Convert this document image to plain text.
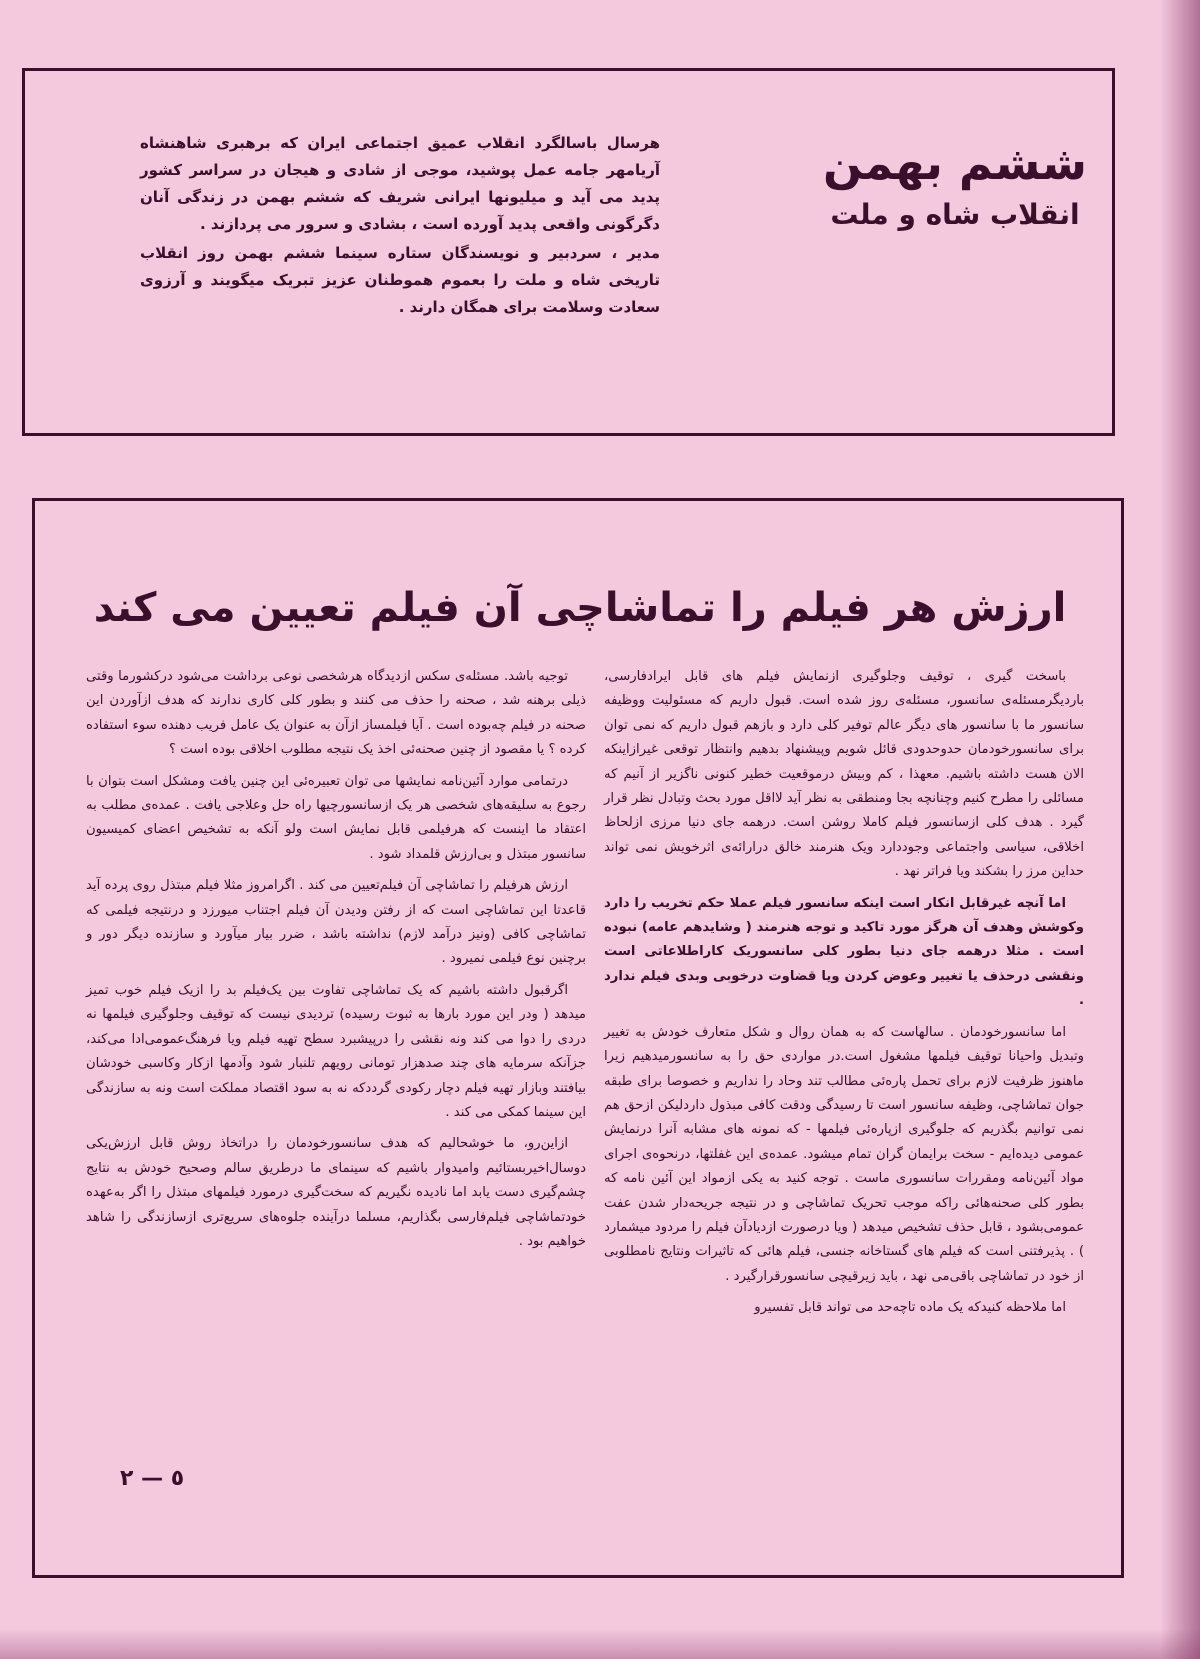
ششم بهمن
انقلاب شاه و ملت

هرسال باسالگرد انقلاب عمیق اجتماعی ایران که برهبری شاهنشاه آریامهر جامه عمل پوشید، موجی از شادی و هیجان در سراسر کشور پدید می آید و میلیونها ایرانی شریف که ششم بهمن در زندگی آنان دگرگونی واقعی پدید آورده است ، بشادی و سرور می پردازند .

مدیر ، سردبیر و نویسندگان ستاره سینما ششم بهمن روز انقلاب تاریخی شاه و ملت را بعموم هموطنان عزیز تبریک میگویند و آرزوی سعادت وسلامت برای همگان دارند .

ارزش هر فیلم را تماشاچی آن فیلم تعیین می کند

باسخت گیری ، توقیف وجلوگیری ازنمایش فیلم های قابل ایرادفارسی، باردیگرمسئله‌ی سانسور، مسئله‌ی روز شده است. قبول داریم که مسئولیت ووظیفه سانسور ما با سانسور های دیگر عالم توفیر کلی دارد و بازهم قبول داریم که نمی توان برای سانسورخودمان حدوحدودی قائل شویم وپیشنهاد بدهیم وانتظار توقعی غیرازاینکه الان هست داشته باشیم. معهذا ، کم وبیش درموقعیت خطیر کنونی ناگزیر از آنیم که مسائلی را مطرح کنیم وچنانچه بجا ومنطقی به نظر آید لااقل مورد بحث وتبادل نظر قرار گیرد . هدف کلی ازسانسور فیلم کاملا روشن است. درهمه جای دنیا مرزی ازلحاظ اخلاقی، سیاسی واجتماعی وجوددارد ویک هنرمند خالق درارائه‌ی اثرخویش نمی تواند حداین مرز را بشکند ویا فراتر نهد .

اما آنچه غیرقابل انکار است اینکه سانسور فیلم عملا حکم تخریب را دارد وکوشش وهدف آن هرگز مورد تاکید و توجه هنرمند ( وشایدهم عامه) نبوده است . مثلا درهمه جای دنیا بطور کلی سانسوریک کاراطلاعاتی است ونقشی درحذف یا تغییر وعوض کردن ویا قضاوت درخوبی وبدی فیلم ندارد .

اما سانسورخودمان . سالهاست که به همان روال و شکل متعارف خودش به تغییر وتبدیل واحیانا توقیف فیلمها مشغول است.در مواردی حق را به سانسورمیدهیم زیرا ماهنوز ظرفیت لازم برای تحمل پاره‌ئی مطالب تند وحاد را نداریم و خصوصا برای طبقه جوان تماشاچی، وظیفه سانسور است تا رسیدگی ودقت کافی مبذول داردلیکن ازحق هم نمی توانیم بگذریم که جلوگیری ازپاره‌ئی فیلمها - که نمونه های مشابه آنرا درنمایش عمومی دیده‌ایم - سخت برایمان گران تمام میشود. عمده‌ی این غفلتها، درنحوه‌ی اجرای مواد آئین‌نامه ومقررات سانسوری ماست . توجه کنید به یکی ازمواد این آئین نامه که بطور کلی صحنه‌هائی راکه موجب تحریک تماشاچی و در نتیجه جریحه‌دار شدن عفت عمومی‌بشود ، قابل حذف تشخیص میدهد ( ویا درصورت ازدیادآن فیلم را مردود میشمارد ) . پذیرفتنی است که فیلم های گستاخانه جنسی، فیلم هائی که تاثیرات ونتایج نامطلوبی از خود در تماشاچی باقی‌می نهد ، باید زیرقیچی سانسورقرارگیرد .

اما ملاحظه کنیدکه یک ماده تاچه‌حد می تواند قابل تفسیرو

توجیه باشد. مسئله‌ی سکس ازدیدگاه هرشخصی نوعی برداشت می‌شود درکشورما وقتی ذیلی برهنه شد ، صحنه را حذف می کنند و بطور کلی کاری ندارند که هدف ازآوردن این صحنه در فیلم چه‌بوده است . آیا فیلمساز ازآن به عنوان یک عامل فریب دهنده سوء استفاده کرده ؟ یا مقصود از چنین صحنه‌ئی اخذ یک نتیجه مطلوب اخلاقی بوده است ؟

درتمامی موارد آئین‌نامه نمایشها می توان تعبیره‌ئی این چنین یافت ومشکل است بتوان با رجوع به سلیقه‌های شخصی هر یک ازسانسورچیها راه حل وعلاجی یافت . عمده‌ی مطلب به اعتقاد ما اینست که هرفیلمی قابل نمایش است ولو آنکه به تشخیص اعضای کمیسیون سانسور مبتذل و بی‌ارزش قلمداد شود .

ارزش هرفیلم را تماشاچی آن فیلم‌تعیین می کند . اگرامروز مثلا فیلم مبتذل روی پرده آید قاعدتا این تماشاچی است که از رفتن ودیدن آن فیلم اجتناب میورزد و درنتیجه فیلمی که تماشاچی کافی (ونیز درآمد لازم) نداشته باشد ، ضرر بیار میآورد و سازنده دیگر دور و برچنین نوع فیلمی نمیرود .

اگرقبول داشته باشیم که یک تماشاچی تفاوت بین یک‌فیلم بد را ازیک فیلم خوب تمیز میدهد ( ودر این مورد بارها به ثبوت رسیده) تردیدی نیست که توقیف وجلوگیری فیلمها نه دردی را دوا می کند ونه نقشی را درپیشبرد سطح تهیه فیلم ویا فرهنگ‌عمومی‌ادا می‌کند، جزآنکه سرمایه های چند صدهزار تومانی رویهم تلنبار شود وآدمها ازکار وکاسبی خودشان بیافتند وبازار تهیه فیلم دچار رکودی گرددکه نه به سود اقتصاد مملکت است ونه به سازندگی این سینما کمکی می کند .

ازاین‌رو، ما خوشحالیم که هدف سانسورخودمان را دراتخاذ روش قابل ارزش‌یکی دوسال‌اخیر‌بستائیم وامیدوار باشیم که سینمای ما درطریق سالم وصحیح خودش به نتایج چشم‌گیری دست یابد اما نادیده نگیریم که سخت‌گیری درمورد فیلمهای مبتذل را اگر به‌عهده خودتماشاچی فیلم‌فارسی بگذاریم، مسلما درآینده جلوه‌های سریع‌تری ازسازندگی را شاهد خواهیم بود .

٥ — ٢
